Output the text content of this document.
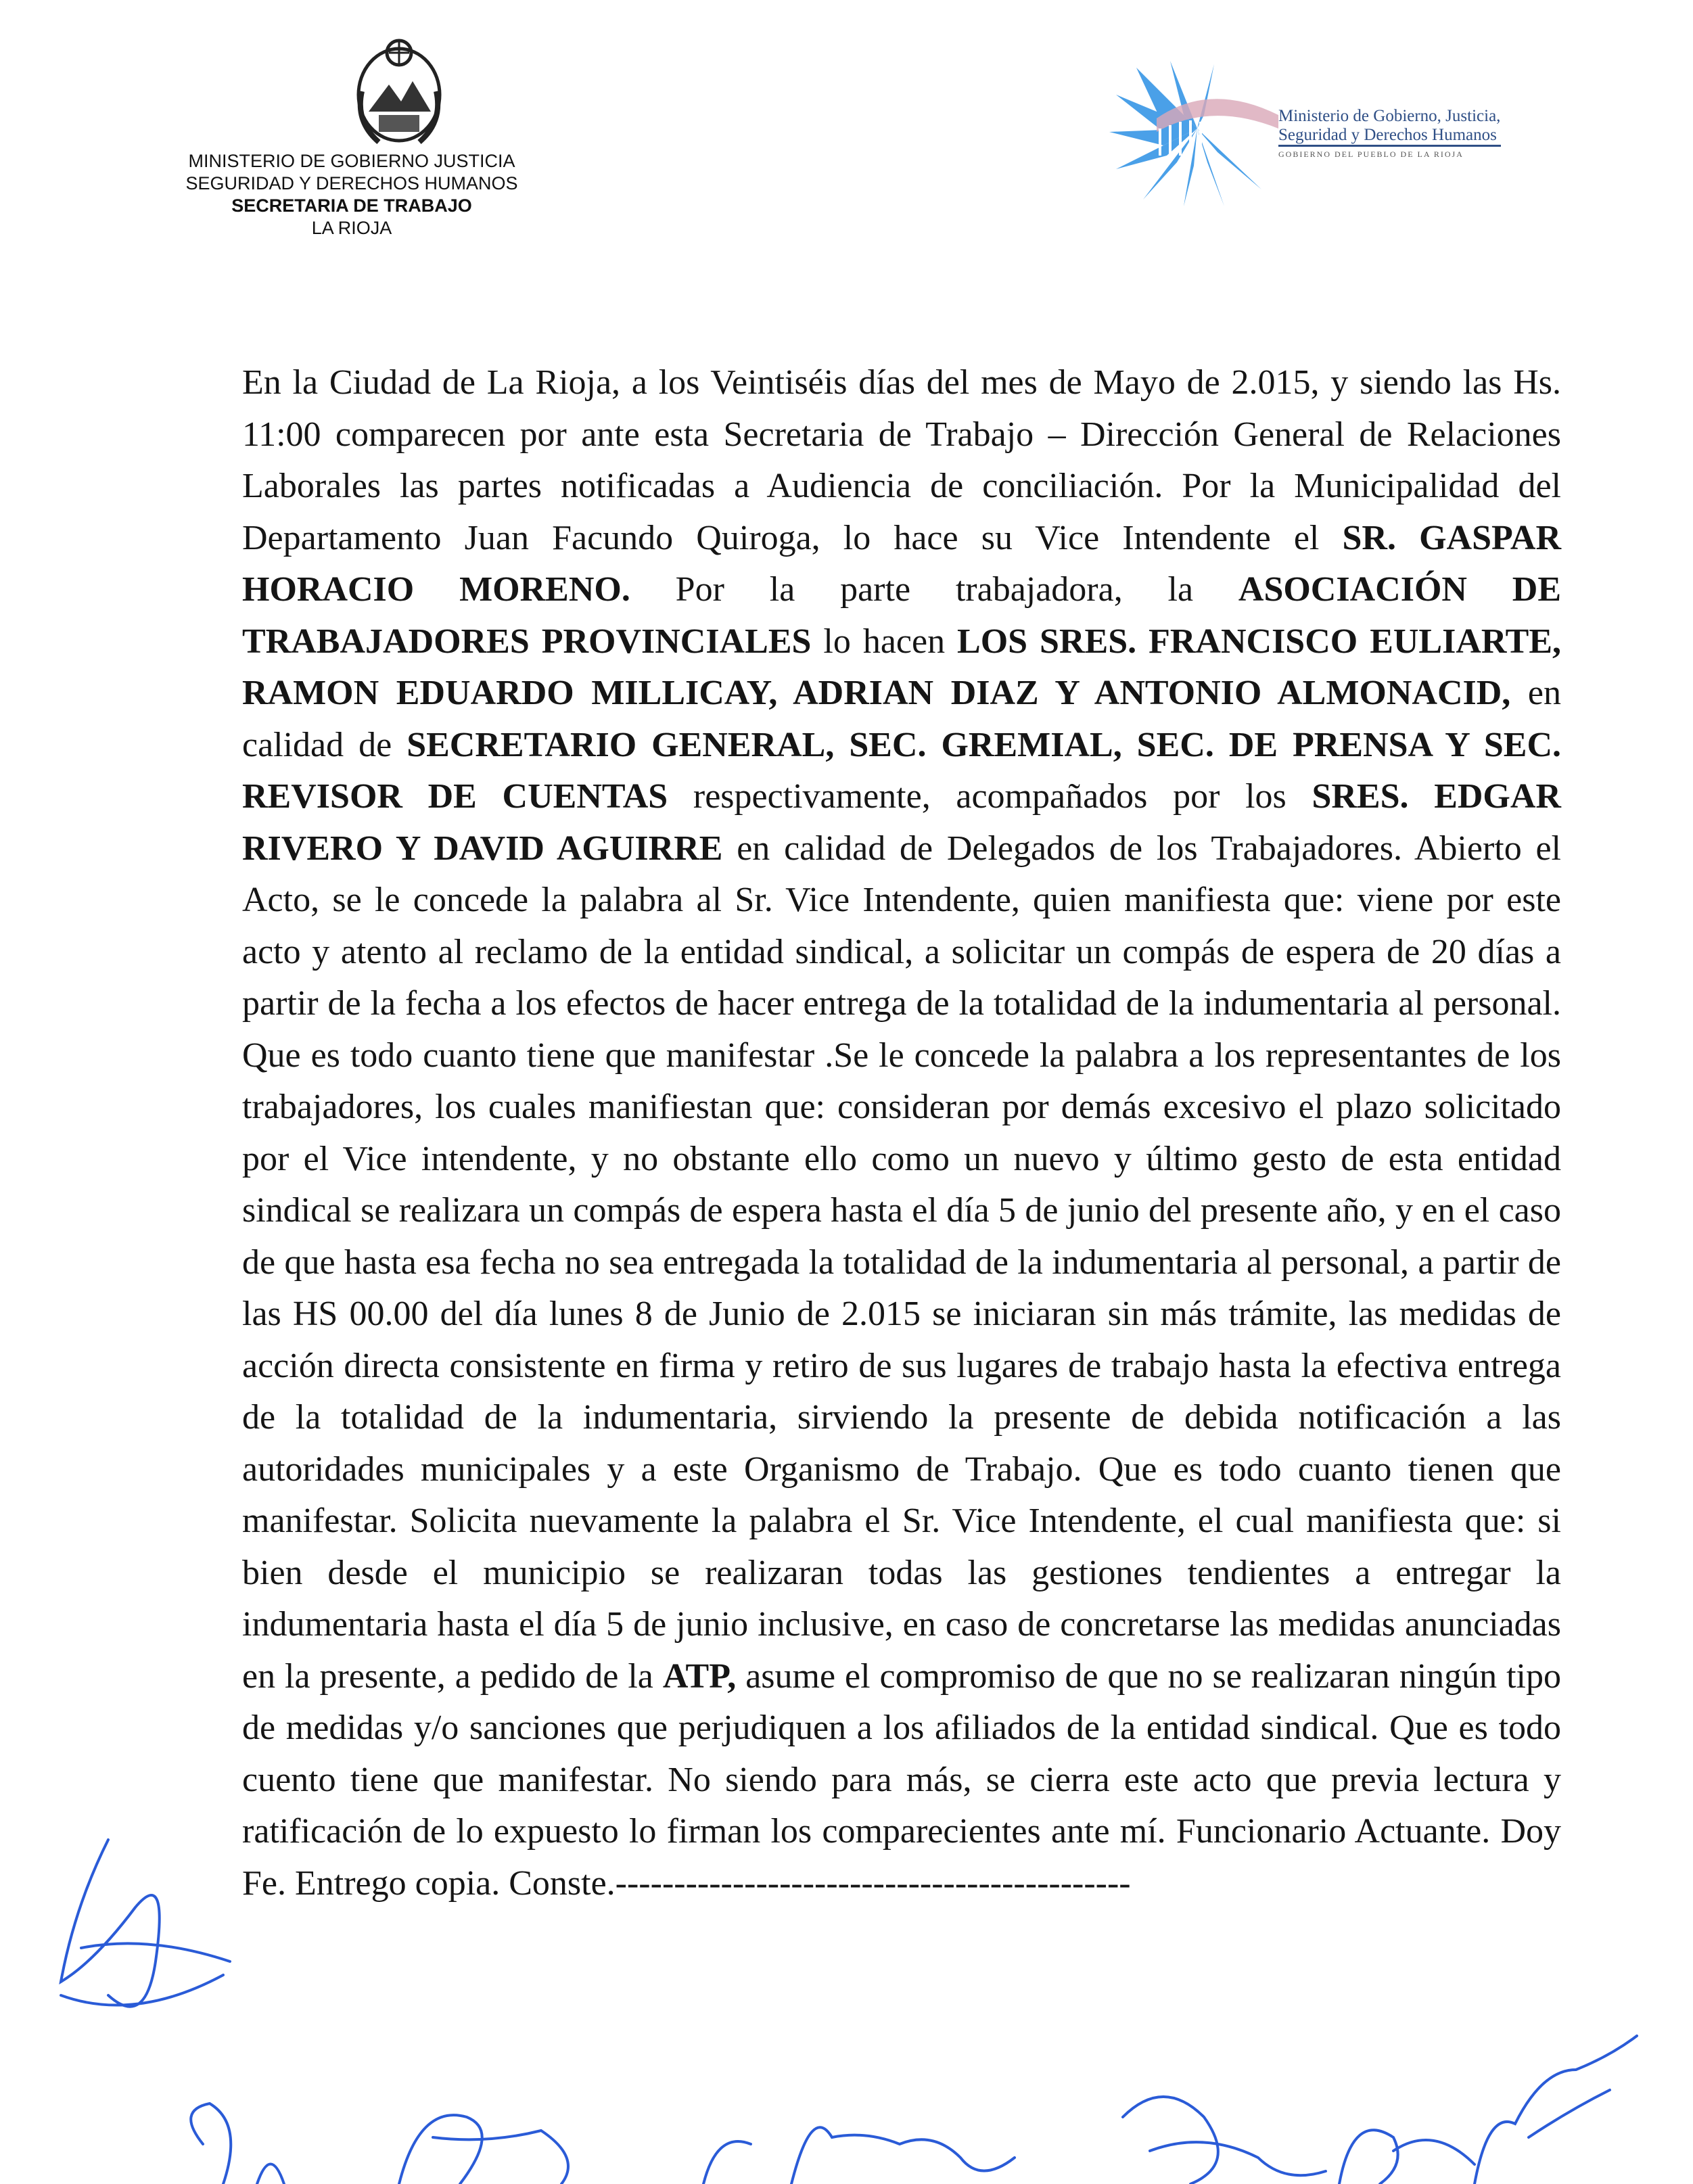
MINISTERIO DE GOBIERNO JUSTICIA
SEGURIDAD Y DERECHOS HUMANOS
SECRETARIA DE TRABAJO
LA RIOJA
Ministerio de Gobierno, Justicia,
Seguridad y Derechos Humanos
GOBIERNO DEL PUEBLO DE LA RIOJA

En la Ciudad de La Rioja, a los Veintiséis días del mes de Mayo de 2.015, y siendo las Hs. 11:00 comparecen por ante esta Secretaria de Trabajo – Dirección General de Relaciones Laborales las partes notificadas a Audiencia de conciliación. Por la Municipalidad del Departamento Juan Facundo Quiroga, lo hace su Vice Intendente el SR. GASPAR HORACIO MORENO. Por la parte trabajadora, la ASOCIACIÓN DE TRABAJADORES PROVINCIALES lo hacen LOS SRES. FRANCISCO EULIARTE, RAMON EDUARDO MILLICAY, ADRIAN DIAZ Y ANTONIO ALMONACID, en calidad de SECRETARIO GENERAL, SEC. GREMIAL, SEC. DE PRENSA Y SEC. REVISOR DE CUENTAS respectivamente, acompañados por los SRES. EDGAR RIVERO Y DAVID AGUIRRE en calidad de Delegados de los Trabajadores. Abierto el Acto, se le concede la palabra al Sr. Vice Intendente, quien manifiesta que: viene por este acto y atento al reclamo de la entidad sindical, a solicitar un compás de espera de 20 días a partir de la fecha a los efectos de hacer entrega de la totalidad de la indumentaria al personal. Que es todo cuanto tiene que manifestar .Se le concede la palabra a los representantes de los trabajadores, los cuales manifiestan que: consideran por demás excesivo el plazo solicitado por el Vice intendente, y no obstante ello como un nuevo y último gesto de esta entidad sindical se realizara un compás de espera hasta el día 5 de junio del presente año, y en el caso de que hasta esa fecha no sea entregada la totalidad de la indumentaria al personal, a partir de las HS 00.00 del día lunes 8 de Junio de 2.015 se iniciaran sin más trámite, las medidas de acción directa consistente en firma y retiro de sus lugares de trabajo hasta la efectiva entrega de la totalidad de la indumentaria, sirviendo la presente de debida notificación a las autoridades municipales y a este Organismo de Trabajo. Que es todo cuanto tienen que manifestar. Solicita nuevamente la palabra el Sr. Vice Intendente, el cual manifiesta que: si bien desde el municipio se realizaran todas las gestiones tendientes a entregar la indumentaria hasta el día 5 de junio inclusive, en caso de concretarse las medidas anunciadas en la presente, a pedido de la ATP, asume el compromiso de que no se realizaran ningún tipo de medidas y/o sanciones que perjudiquen a los afiliados de la entidad sindical. Que es todo cuento tiene que manifestar. No siendo para más, se cierra este acto que previa lectura y ratificación de lo expuesto lo firman los comparecientes ante mí. Funcionario Actuante. Doy Fe. Entrego copia. Conste.--------------------------------------------
